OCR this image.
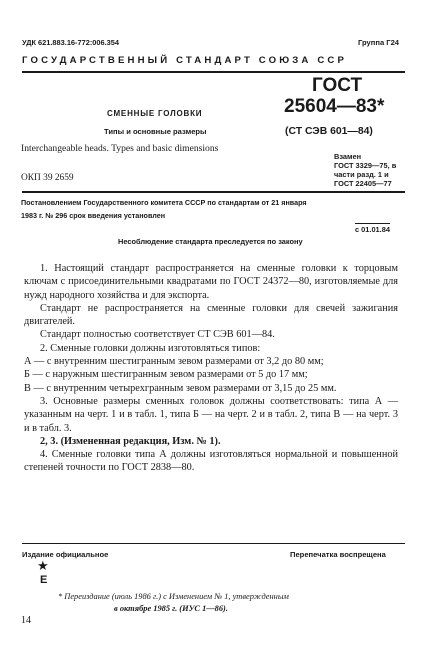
УДК 621.883.16-772:006.354	Группа Г24
ГОСУДАРСТВЕННЫЙ СТАНДАРТ СОЮЗА ССР
СМЕННЫЕ ГОЛОВКИ
Типы и основные размеры
Interchangeable heads. Types and basic dimensions
ГОСТ
25604—83*
(СТ СЭВ 601—84)
ОКП 39 2659
Взамен
ГОСТ 3329—75, в
части разд. 1 и
ГОСТ 22405—77
Постановлением Государственного комитета СССР по стандартам от 21 января
1983 г. № 296 срок введения установлен
с 01.01.84
Несоблюдение стандарта преследуется по закону

1. Настоящий стандарт распространяется на сменные головки к торцовым ключам с присоединительными квадратами по ГОСТ 24372—80, изготовляемые для нужд народного хозяйства и для экспорта.

Стандарт не распространяется на сменные головки для свечей зажигания двигателей.

Стандарт полностью соответствует СТ СЭВ 601—84.

2. Сменные головки должны изготовляться типов:

А — с внутренним шестигранным зевом размерами от 3,2 до 80 мм;

Б — с наружным шестигранным зевом размерами от 5 до 17 мм;

В — с внутренним четырехгранным зевом размерами от 3,15 до 25 мм.

3. Основные размеры сменных головок должны соответствовать: типа А — указанным на черт. 1 и в табл. 1, типа Б — на черт. 2 и в табл. 2, типа В — на черт. 3 и в табл. 3.

2, 3. (Измененная редакция, Изм. № 1).

4. Сменные головки типа А должны изготовляться нормальной и повышенной степеней точности по ГОСТ 2838—80.

Издание официальное	Перепечатка воспрещена
★
Е
* Переиздание (июль 1986 г.) с Изменением № 1, утвержденным
в октябре 1985 г. (ИУС 1—86).
14
